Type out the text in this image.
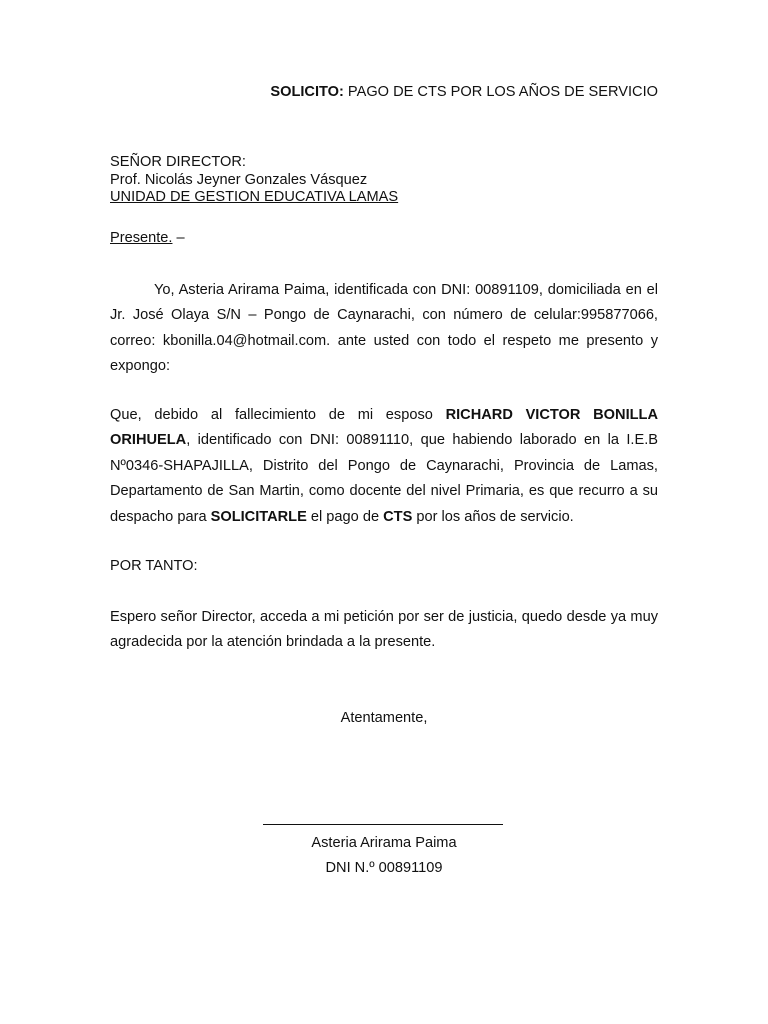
SOLICITO: PAGO DE CTS POR LOS AÑOS DE SERVICIO
SEÑOR DIRECTOR:
Prof. Nicolás Jeyner Gonzales Vásquez
UNIDAD DE GESTION EDUCATIVA LAMAS
Presente. –
Yo, Asteria Arirama Paima, identificada con DNI: 00891109, domiciliada en el Jr. José Olaya S/N – Pongo de Caynarachi, con número de celular:995877066, correo: kbonilla.04@hotmail.com. ante usted con todo el respeto me presento y expongo:
Que, debido al fallecimiento de mi esposo RICHARD VICTOR BONILLA ORIHUELA, identificado con DNI: 00891110, que habiendo laborado en la I.E.B Nº0346-SHAPAJILLA, Distrito del Pongo de Caynarachi, Provincia de Lamas, Departamento de San Martin, como docente del nivel Primaria, es que recurro a su despacho para SOLICITARLE el pago de CTS por los años de servicio.
POR TANTO:
Espero señor Director, acceda a mi petición por ser de justicia, quedo desde ya muy agradecida por la atención brindada a la presente.
Atentamente,
Asteria Arirama Paima
DNI N.º 00891109
